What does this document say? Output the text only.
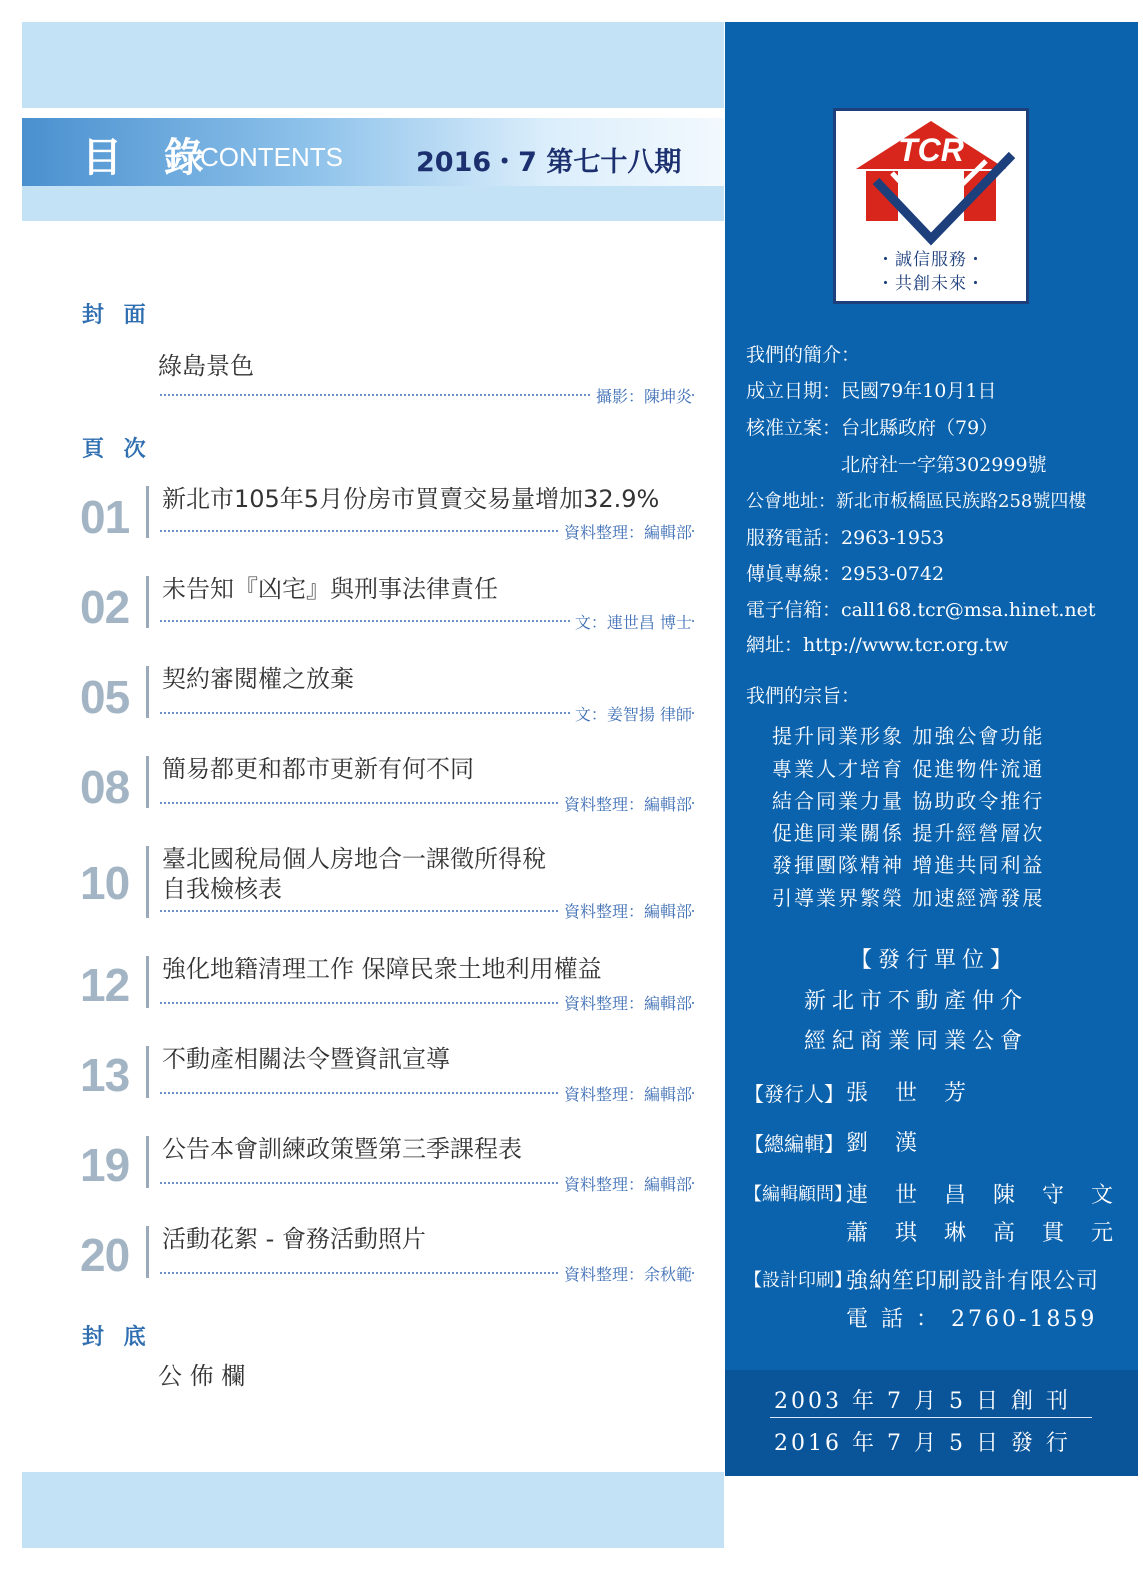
目 錄
CONTENTS	2016・7 第七十八期
封 面
綠島景色
攝影：陳坤炎
頁 次
01 新北市105年5月份房市買賣交易量增加32.9%
資料整理：編輯部
02 未告知『凶宅』與刑事法律責任
文：連世昌 博士
05 契約審閱權之放棄
文：姜智揚 律師
08 簡易都更和都市更新有何不同
資料整理：編輯部
10 臺北國稅局個人房地合一課徵所得稅
自我檢核表
資料整理：編輯部
12 強化地籍清理工作 保障民衆土地利用權益
資料整理：編輯部
13 不動產相關法令暨資訊宣導
資料整理：編輯部
19 公告本會訓練政策暨第三季課程表
資料整理：編輯部
20 活動花絮 - 會務活動照片
資料整理：余秋範
封 底
公 佈 欄
TCR
・誠信服務・
・共創未來・
我們的簡介：
成立日期：民國79年10月1日
核准立案：台北縣政府（79）
　　　　　北府社一字第302999號
公會地址：新北市板橋區民族路258號四樓
服務電話：2963-1953
傳眞專線：2953-0742
電子信箱：call168.tcr@msa.hinet.net
網址：http://www.tcr.org.tw
我們的宗旨：
提升同業形象 加強公會功能
專業人才培育 促進物件流通
結合同業力量 協助政令推行
促進同業關係 提升經營層次
發揮團隊精神 增進共同利益
引導業界繁榮 加速經濟發展
【發行單位】
新北市不動產仲介
經紀商業同業公會
【發行人】 張 世 芳
【總編輯】 劉 漢
【編輯顧問】
連 世 昌 陳 守 文
蕭 琪 琳 高 貫 元
【設計印刷】
強納笙印刷設計有限公司
電 話 ： 2760-1859
2003 年 7 月 5 日 創 刊
2016 年 7 月 5 日 發 行
